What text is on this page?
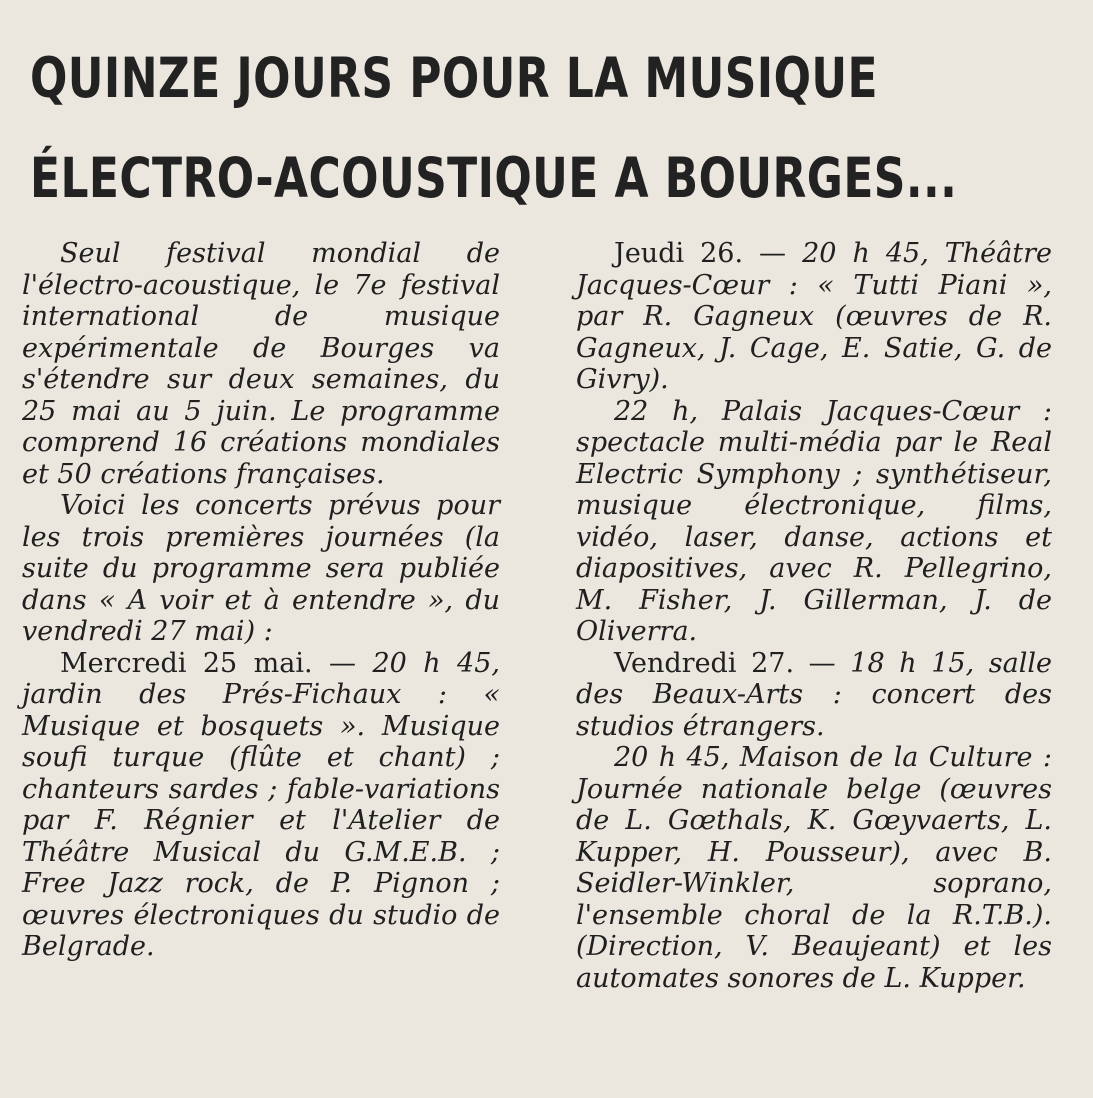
QUINZE JOURS POUR LA MUSIQUE
ÉLECTRO-ACOUSTIQUE A BOURGES...

Seul festival mondial de l'électro-acoustique, le 7e festival international de musique expérimentale de Bourges va s'étendre sur deux semaines, du 25 mai au 5 juin. Le programme comprend 16 créations mondiales et 50 créations françaises.

Voici les concerts prévus pour les trois premières journées (la suite du programme sera publiée dans « A voir et à entendre », du vendredi 27 mai) :

Mercredi 25 mai. — 20 h 45, jardin des Prés-Fichaux : « Musique et bosquets ». Musique soufi turque (flûte et chant) ; chanteurs sardes ; fable-variations par F. Régnier et l'Atelier de Théâtre Musical du G.M.E.B. ; Free Jazz rock, de P. Pignon ; œuvres électroniques du studio de Belgrade.

Jeudi 26. — 20 h 45, Théâtre Jacques-Cœur : « Tutti Piani », par R. Gagneux (œuvres de R. Gagneux, J. Cage, E. Satie, G. de Givry).

22 h, Palais Jacques-Cœur : spectacle multi-média par le Real Electric Symphony ; synthétiseur, musique électronique, films, vidéo, laser, danse, actions et diapositives, avec R. Pellegrino, M. Fisher, J. Gillerman, J. de Oliverra.

Vendredi 27. — 18 h 15, salle des Beaux-Arts : concert des studios étrangers.

20 h 45, Maison de la Culture : Journée nationale belge (œuvres de L. Gœthals, K. Gœyvaerts, L. Kupper, H. Pousseur), avec B. Seidler-Winkler, soprano, l'ensemble choral de la R.T.B.). (Direction, V. Beaujeant) et les automates sonores de L. Kupper.
